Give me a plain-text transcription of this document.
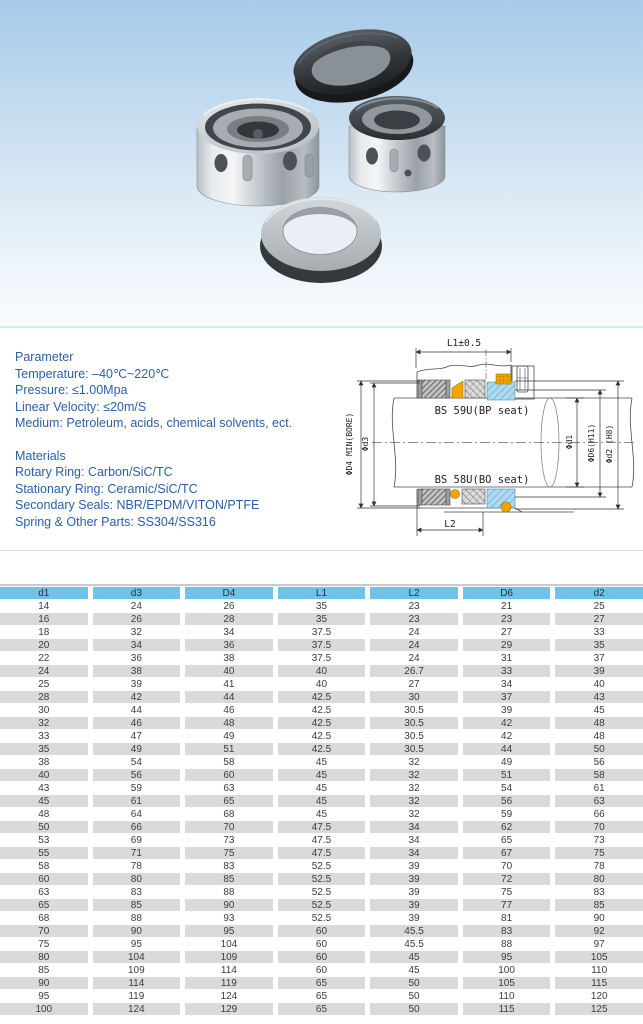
Parameter
Temperature: –40℃~220℃
Pressure: ≤1.00Mpa
Linear Velocity: ≤20m/S
Medium: Petroleum, acids, chemical solvents, ect.
Materials
Rotary Ring: Carbon/SiC/TC
Stationary Ring: Ceramic/SiC/TC
Secondary Seals: NBR/EPDM/VITON/PTFE
Spring & Other Parts: SS304/SS316
L1±0.5
L2
BS 59U(BP seat)
BS 58U(BO seat)
ΦD4 MIN(BORE) Φd3	Φd1 ΦD6(H11) Φd2 (H8)
d1	d3	D4	L1	L2	D6	d2
14	24	26	35	23	21	25
16	26	28	35	23	23	27
18	32	34	37.5	24	27	33
20	34	36	37.5	24	29	35
22	36	38	37.5	24	31	37
24	38	40	40	26.7	33	39
25	39	41	40	27	34	40
28	42	44	42.5	30	37	43
30	44	46	42.5	30.5	39	45
32	46	48	42.5	30.5	42	48
33	47	49	42.5	30.5	42	48
35	49	51	42.5	30.5	44	50
38	54	58	45	32	49	56
40	56	60	45	32	51	58
43	59	63	45	32	54	61
45	61	65	45	32	56	63
48	64	68	45	32	59	66
50	66	70	47.5	34	62	70
53	69	73	47.5	34	65	73
55	71	75	47.5	34	67	75
58	78	83	52.5	39	70	78
60	80	85	52.5	39	72	80
63	83	88	52.5	39	75	83
65	85	90	52.5	39	77	85
68	88	93	52.5	39	81	90
70	90	95	60	45.5	83	92
75	95	104	60	45.5	88	97
80	104	109	60	45	95	105
85	109	114	60	45	100	110
90	114	119	65	50	105	115
95	119	124	65	50	110	120
100	124	129	65	50	115	125
